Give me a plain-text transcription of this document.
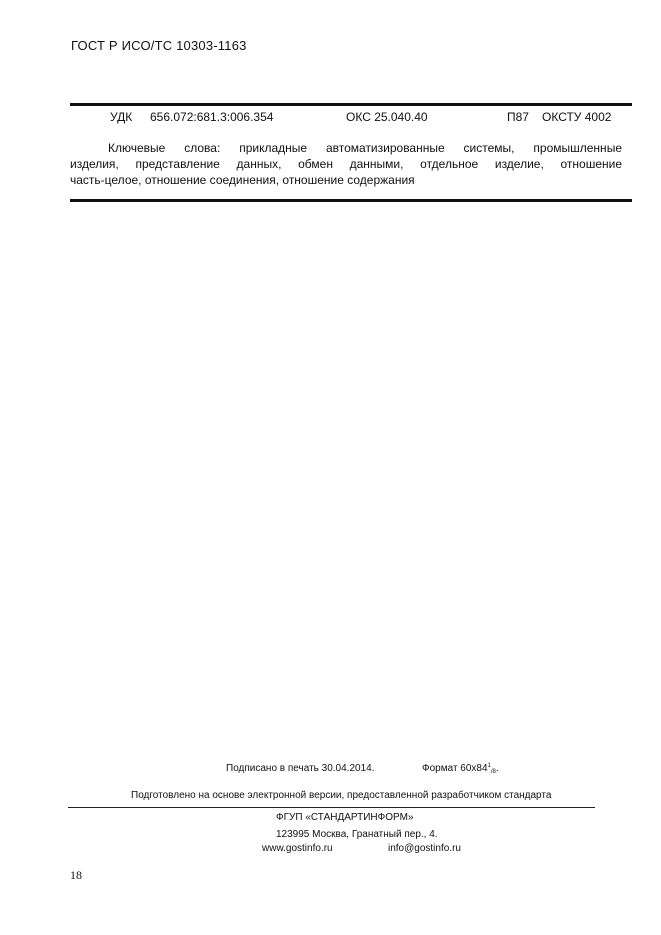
ГОСТ Р ИСО/ТС 10303-1163
УДК 656.072:681.3:006.354	ОКС 25.040.40	П87 ОКСТУ 4002
Ключевые слова: прикладные автоматизированные системы, промышленные
изделия, представление данных, обмен данными, отдельное изделие, отношение
часть-целое, отношение соединения, отношение содержания
Подписано в печать 30.04.2014.	Формат $60x84^1_{/8}$.
Подготовлено на основе электронной версии, предоставленной разработчиком стандарта
ФГУП «СТАНДАРТИНФОРМ»
123995 Москва, Гранатный пер., 4.
www.gostinfo.ru	info@gostinfo.ru
18
